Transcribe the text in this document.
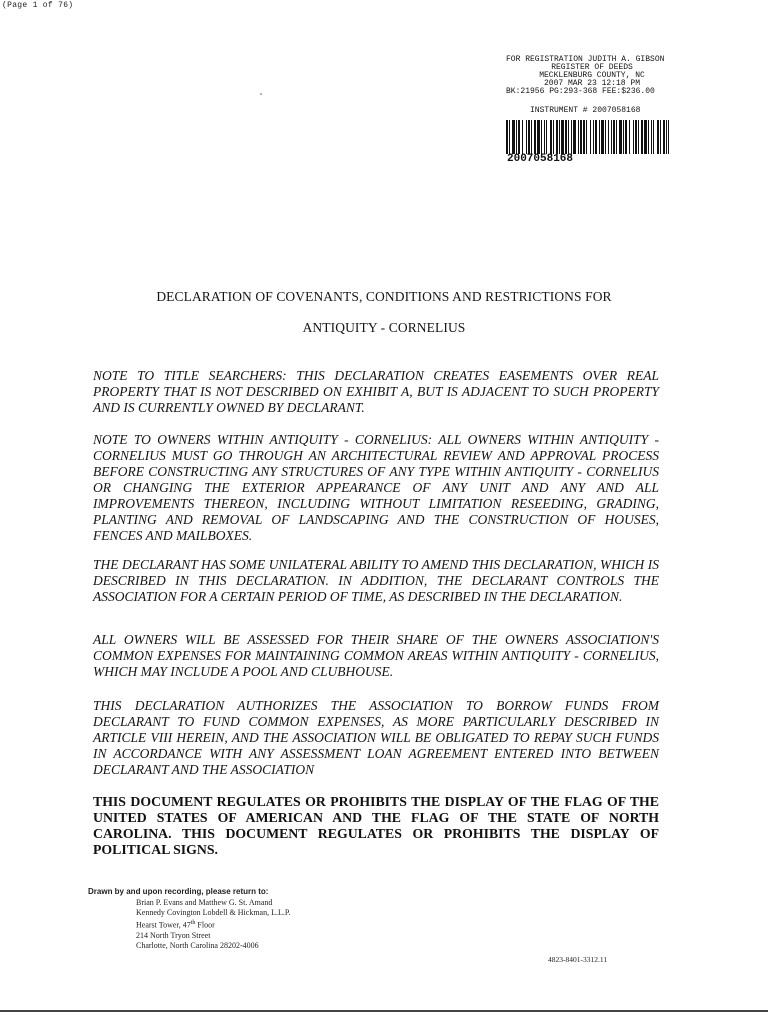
(Page 1 of 76)
FOR REGISTRATION JUDITH A. GIBSON
REGISTER OF DEEDS
MECKLENBURG COUNTY, NC
2007 MAR 23 12:18 PM
BK:21956 PG:293-368 FEE:$236.00
INSTRUMENT # 2007058168
2007058168
DECLARATION OF COVENANTS, CONDITIONS AND RESTRICTIONS FOR
ANTIQUITY - CORNELIUS
NOTE TO TITLE SEARCHERS: THIS DECLARATION CREATES EASEMENTS OVER REAL PROPERTY THAT IS NOT DESCRIBED ON EXHIBIT A, BUT IS ADJACENT TO SUCH PROPERTY AND IS CURRENTLY OWNED BY DECLARANT.
NOTE TO OWNERS WITHIN ANTIQUITY - CORNELIUS: ALL OWNERS WITHIN ANTIQUITY - CORNELIUS MUST GO THROUGH AN ARCHITECTURAL REVIEW AND APPROVAL PROCESS BEFORE CONSTRUCTING ANY STRUCTURES OF ANY TYPE WITHIN ANTIQUITY - CORNELIUS OR CHANGING THE EXTERIOR APPEARANCE OF ANY UNIT AND ANY AND ALL IMPROVEMENTS THEREON, INCLUDING WITHOUT LIMITATION RESEEDING, GRADING, PLANTING AND REMOVAL OF LANDSCAPING AND THE CONSTRUCTION OF HOUSES, FENCES AND MAILBOXES.
THE DECLARANT HAS SOME UNILATERAL ABILITY TO AMEND THIS DECLARATION, WHICH IS DESCRIBED IN THIS DECLARATION. IN ADDITION, THE DECLARANT CONTROLS THE ASSOCIATION FOR A CERTAIN PERIOD OF TIME, AS DESCRIBED IN THE DECLARATION.
ALL OWNERS WILL BE ASSESSED FOR THEIR SHARE OF THE OWNERS ASSOCIATION'S COMMON EXPENSES FOR MAINTAINING COMMON AREAS WITHIN ANTIQUITY - CORNELIUS, WHICH MAY INCLUDE A POOL AND CLUBHOUSE.
THIS DECLARATION AUTHORIZES THE ASSOCIATION TO BORROW FUNDS FROM DECLARANT TO FUND COMMON EXPENSES, AS MORE PARTICULARLY DESCRIBED IN ARTICLE VIII HEREIN, AND THE ASSOCIATION WILL BE OBLIGATED TO REPAY SUCH FUNDS IN ACCORDANCE WITH ANY ASSESSMENT LOAN AGREEMENT ENTERED INTO BETWEEN DECLARANT AND THE ASSOCIATION
THIS DOCUMENT REGULATES OR PROHIBITS THE DISPLAY OF THE FLAG OF THE UNITED STATES OF AMERICAN AND THE FLAG OF THE STATE OF NORTH CAROLINA. THIS DOCUMENT REGULATES OR PROHIBITS THE DISPLAY OF POLITICAL SIGNS.
Drawn by and upon recording, please return to:
Brian P. Evans and Matthew G. St. Amand
Kennedy Covington Lobdell & Hickman, L.L.P.
Hearst Tower, 47th Floor
214 North Tryon Street
Charlotte, North Carolina 28202-4006
4823-8401-3312.11
